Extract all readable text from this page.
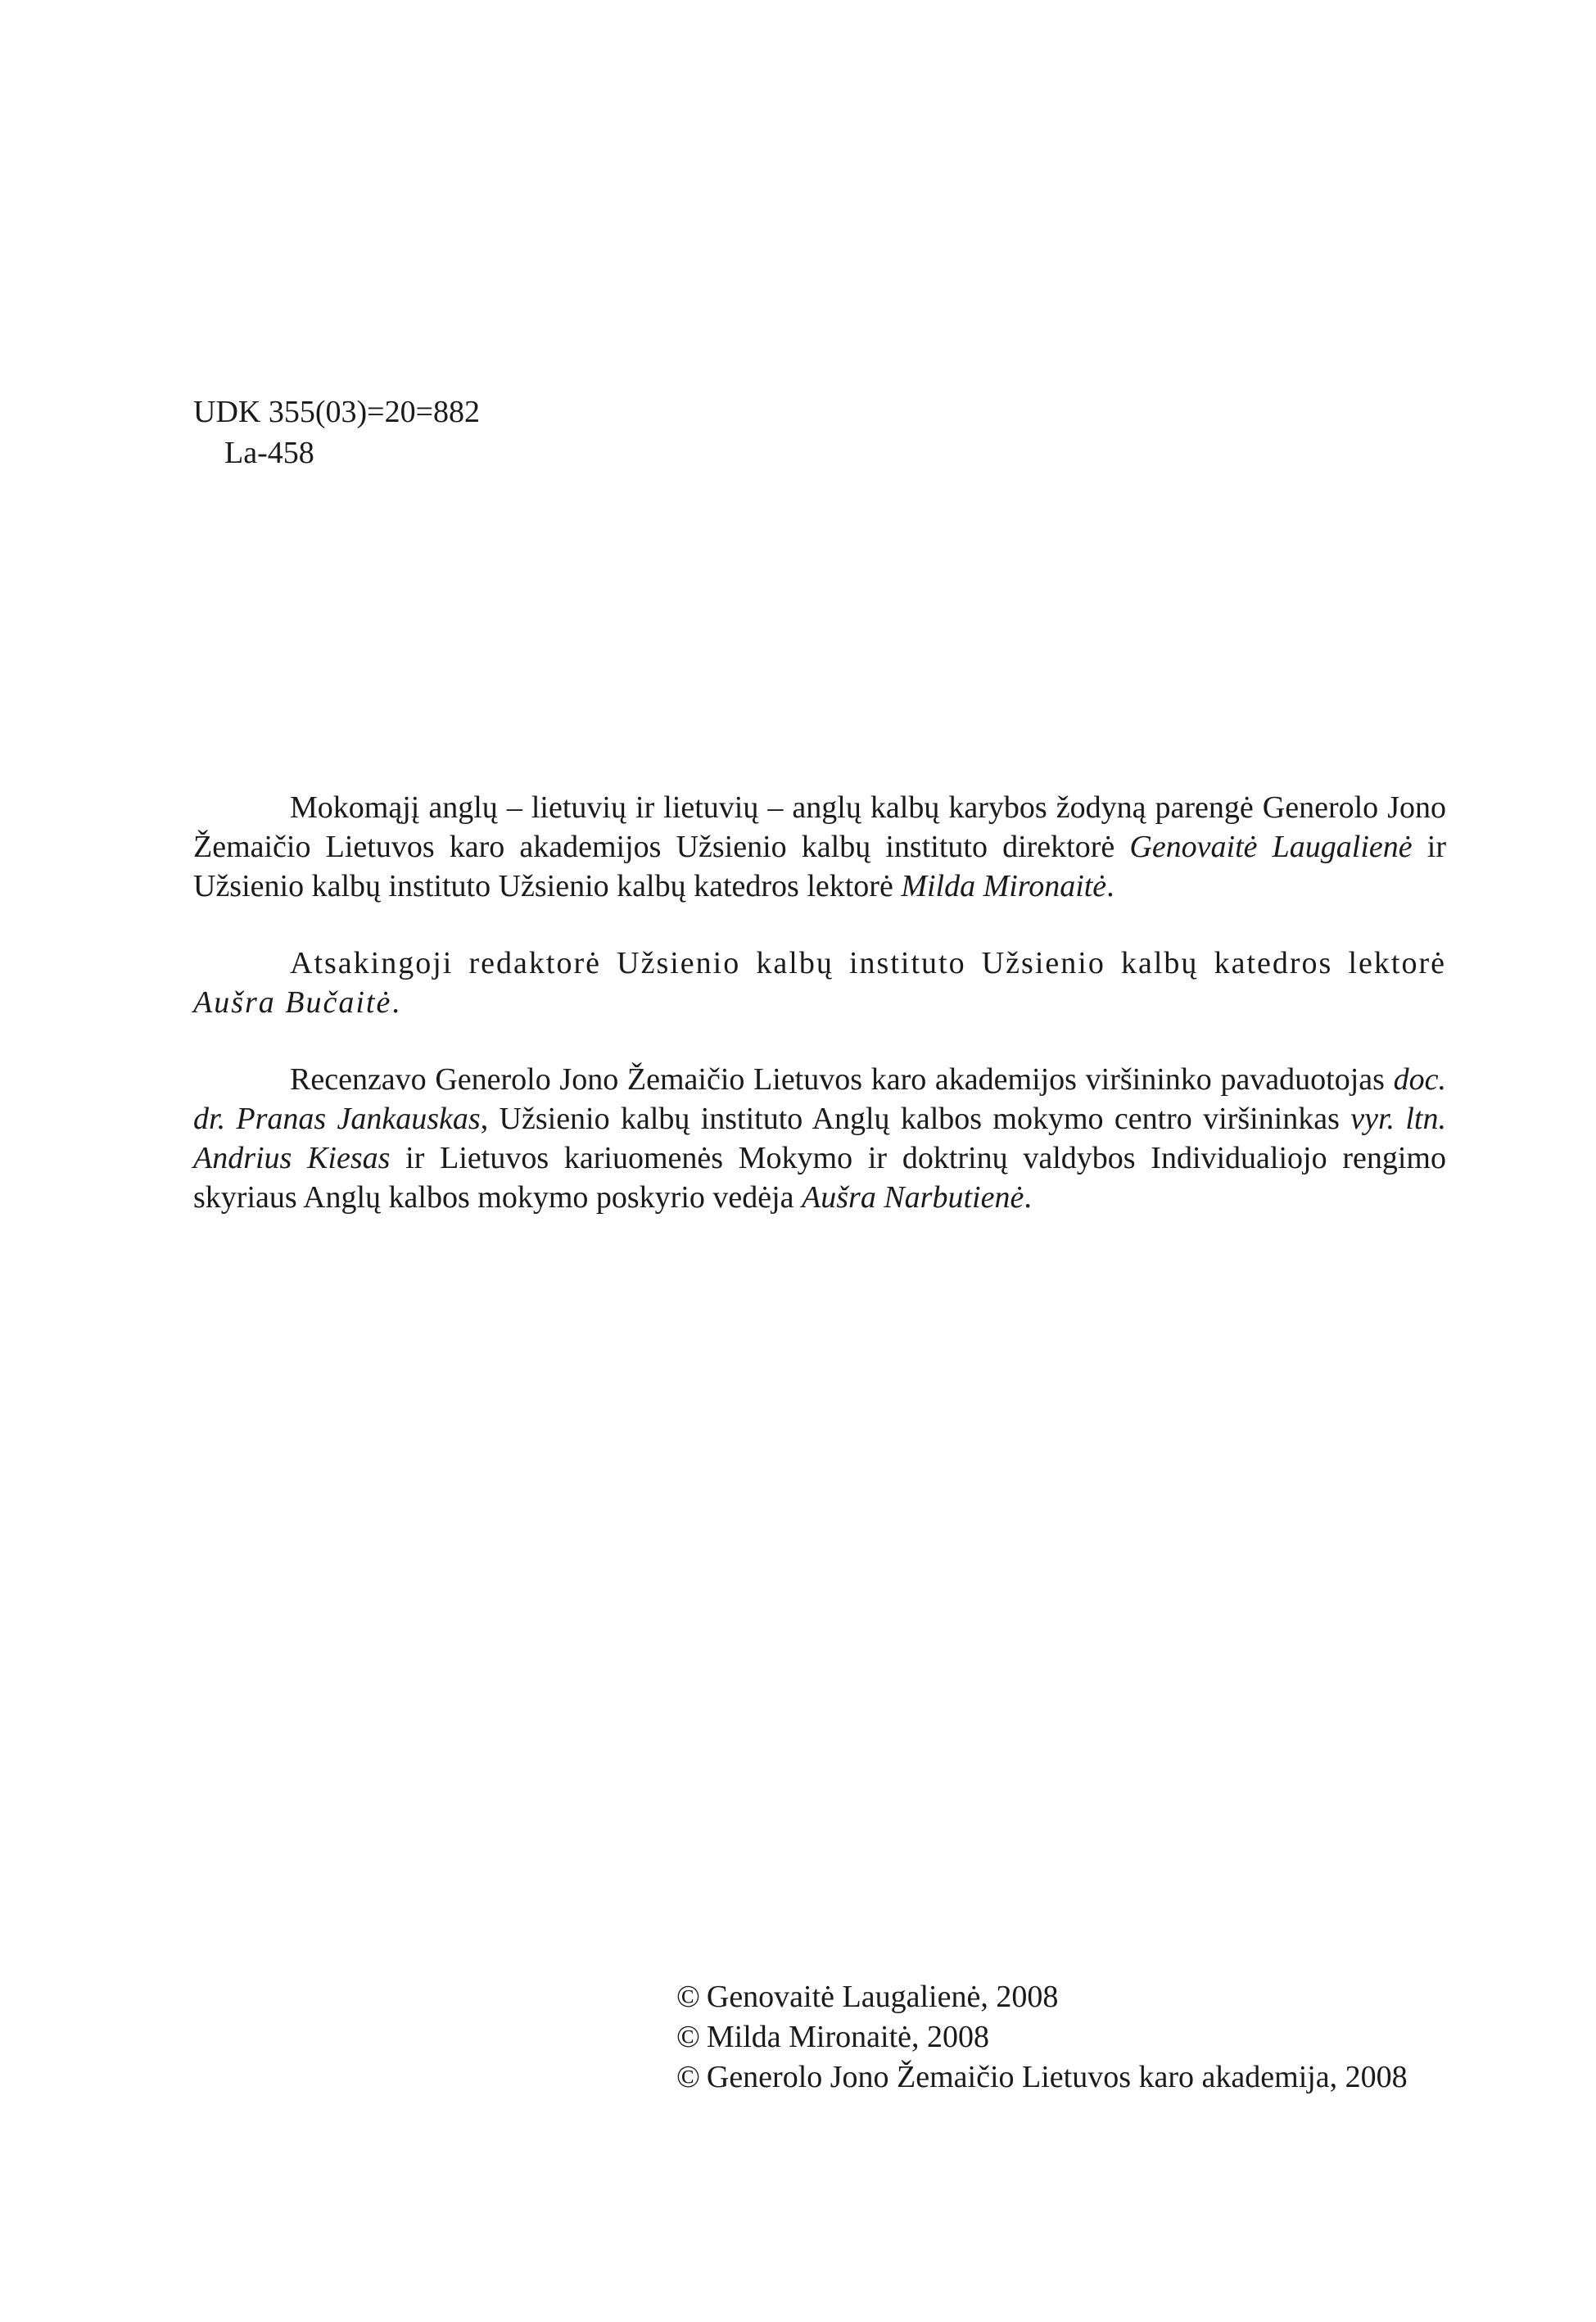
UDK 355(03)=20=882
La-458

Mokomąjį anglų – lietuvių ir lietuvių – anglų kalbų karybos žodyną parengė Generolo Jono Žemaičio Lietuvos karo akademijos Užsienio kalbų instituto direktorė Genovaitė Laugalienė ir Užsienio kalbų instituto Užsienio kalbų katedros lektorė Milda Mironaitė.

Atsakingoji redaktorė Užsienio kalbų instituto Užsienio kalbų katedros lektorė Aušra Bučaitė.

Recenzavo Generolo Jono Žemaičio Lietuvos karo akademijos viršininko pavaduotojas doc. dr. Pranas Jankauskas, Užsienio kalbų instituto Anglų kalbos mokymo centro viršininkas vyr. ltn. Andrius Kiesas ir Lietuvos kariuomenės Mokymo ir doktrinų valdybos Individualiojo rengimo skyriaus Anglų kalbos mokymo poskyrio vedėja Aušra Narbutienė.

© Genovaitė Laugalienė, 2008
© Milda Mironaitė, 2008
© Generolo Jono Žemaičio Lietuvos karo akademija, 2008
